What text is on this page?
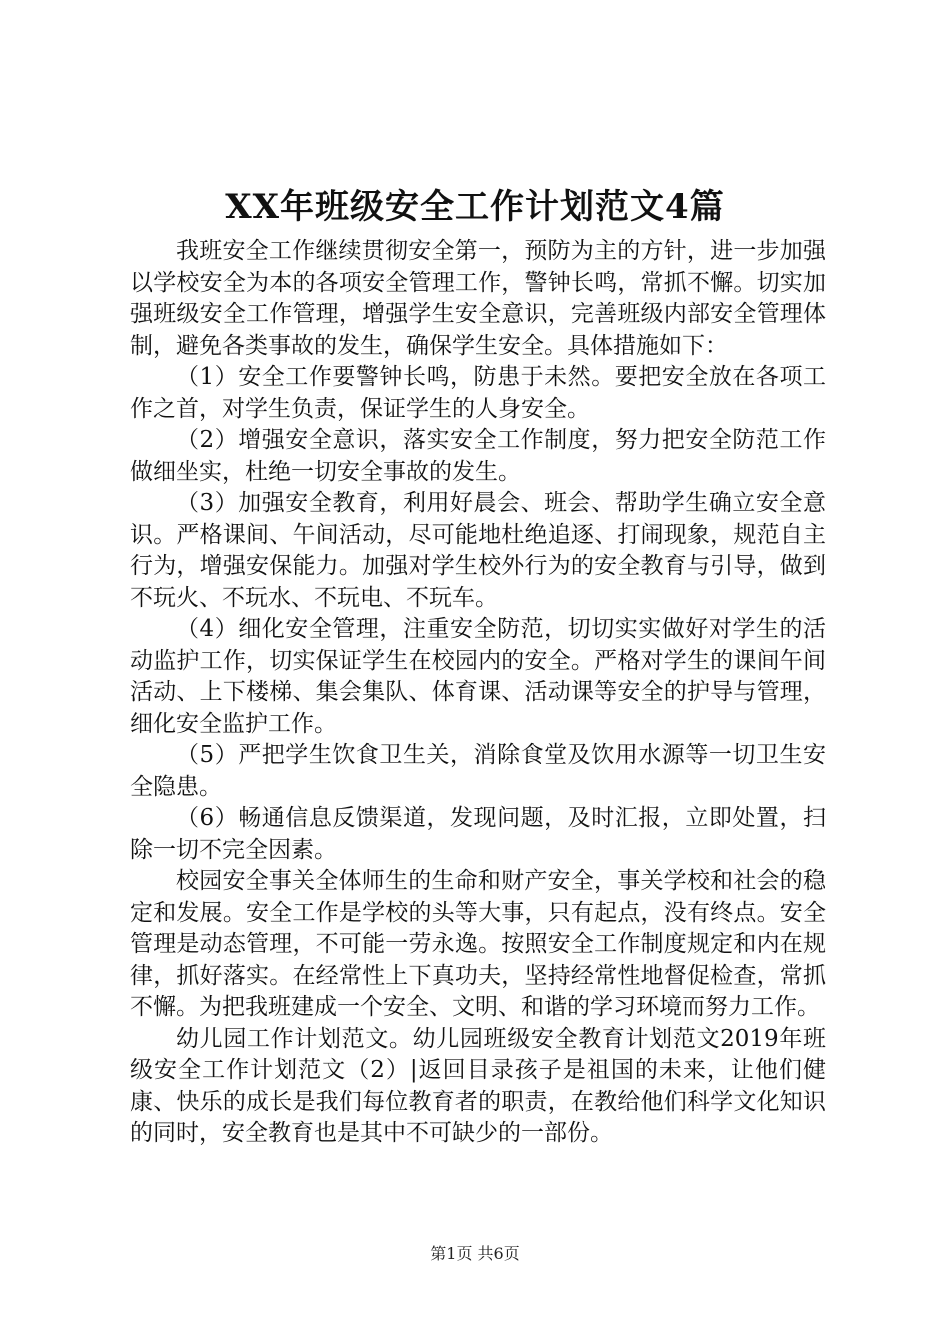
XX年班级安全工作计划范文4篇

我班安全工作继续贯彻安全第一，预防为主的方针，进一步加强以学校安全为本的各项安全管理工作，警钟长鸣，常抓不懈。切实加强班级安全工作管理，增强学生安全意识，完善班级内部安全管理体制，避免各类事故的发生，确保学生安全。具体措施如下：

（1）安全工作要警钟长鸣，防患于未然。要把安全放在各项工作之首，对学生负责，保证学生的人身安全。

（2）增强安全意识，落实安全工作制度，努力把安全防范工作做细坐实，杜绝一切安全事故的发生。

（3）加强安全教育，利用好晨会、班会、帮助学生确立安全意识。严格课间、午间活动，尽可能地杜绝追逐、打闹现象，规范自主行为，增强安保能力。加强对学生校外行为的安全教育与引导，做到不玩火、不玩水、不玩电、不玩车。

（4）细化安全管理，注重安全防范，切切实实做好对学生的活动监护工作，切实保证学生在校园内的安全。严格对学生的课间午间活动、上下楼梯、集会集队、体育课、活动课等安全的护导与管理，细化安全监护工作。

（5）严把学生饮食卫生关，消除食堂及饮用水源等一切卫生安全隐患。

（6）畅通信息反馈渠道，发现问题，及时汇报，立即处置，扫除一切不完全因素。

校园安全事关全体师生的生命和财产安全，事关学校和社会的稳定和发展。安全工作是学校的头等大事，只有起点，没有终点。安全管理是动态管理，不可能一劳永逸。按照安全工作制度规定和内在规律，抓好落实。在经常性上下真功夫，坚持经常性地督促检查，常抓不懈。为把我班建成一个安全、文明、和谐的学习环境而努力工作。

幼儿园工作计划范文。幼儿园班级安全教育计划范文2019年班级安全工作计划范文（2）|返回目录孩子是祖国的未来，让他们健康、快乐的成长是我们每位教育者的职责，在教给他们科学文化知识的同时，安全教育也是其中不可缺少的一部份。

第1页 共6页
